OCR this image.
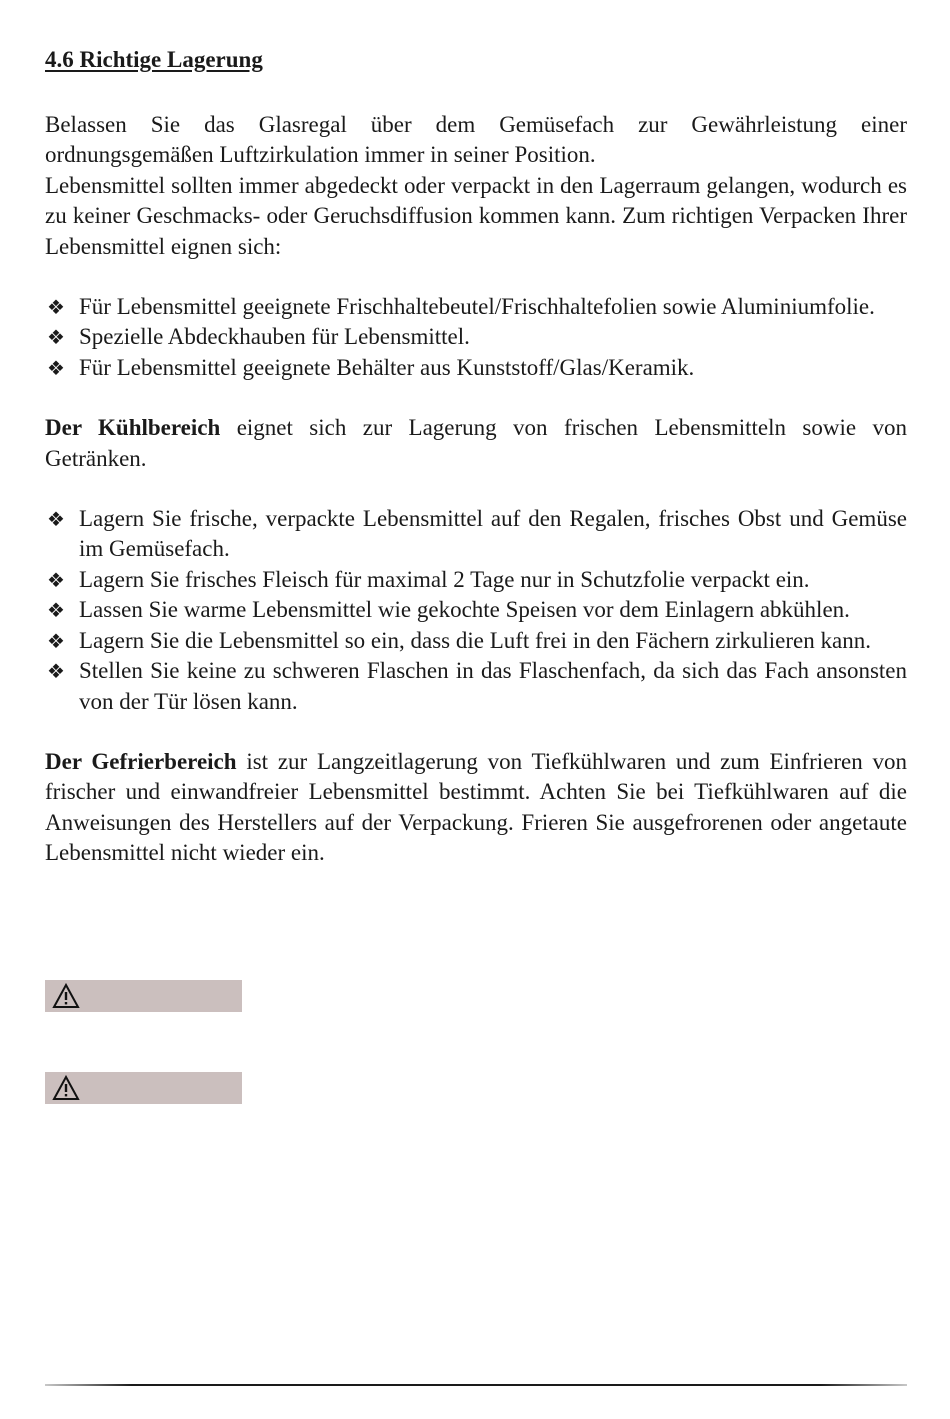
4.6 Richtige Lagerung

Belassen Sie das Glasregal über dem Gemüsefach zur Gewährleistung einer ordnungsgemäßen Luftzirkulation immer in seiner Position.

Lebensmittel sollten immer abgedeckt oder verpackt in den Lagerraum gelangen, wodurch es zu keiner Geschmacks- oder Geruchsdiffusion kommen kann. Zum richtigen Verpacken Ihrer Lebensmittel eignen sich:

❖ Für Lebensmittel geeignete Frischhaltebeutel/Frischhaltefolien sowie Aluminiumfolie.
❖ Spezielle Abdeckhauben für Lebensmittel.
❖ Für Lebensmittel geeignete Behälter aus Kunststoff/Glas/Keramik.

Der Kühlbereich eignet sich zur Lagerung von frischen Lebensmitteln sowie von Getränken.

❖ Lagern Sie frische, verpackte Lebensmittel auf den Regalen, frisches Obst und Gemüse im Gemüsefach.
❖ Lagern Sie frisches Fleisch für maximal 2 Tage nur in Schutzfolie verpackt ein.
❖ Lassen Sie warme Lebensmittel wie gekochte Speisen vor dem Einlagern abkühlen.
❖ Lagern Sie die Lebensmittel so ein, dass die Luft frei in den Fächern zirkulieren kann.
❖ Stellen Sie keine zu schweren Flaschen in das Flaschenfach, da sich das Fach ansonsten von der Tür lösen kann.

Der Gefrierbereich ist zur Langzeitlagerung von Tiefkühlwaren und zum Einfrieren von frischer und einwandfreier Lebensmittel bestimmt. Achten Sie bei Tiefkühlwaren auf die Anweisungen des Herstellers auf der Verpackung. Frieren Sie ausgefrorenen oder angetaute Lebensmittel nicht wieder ein.
